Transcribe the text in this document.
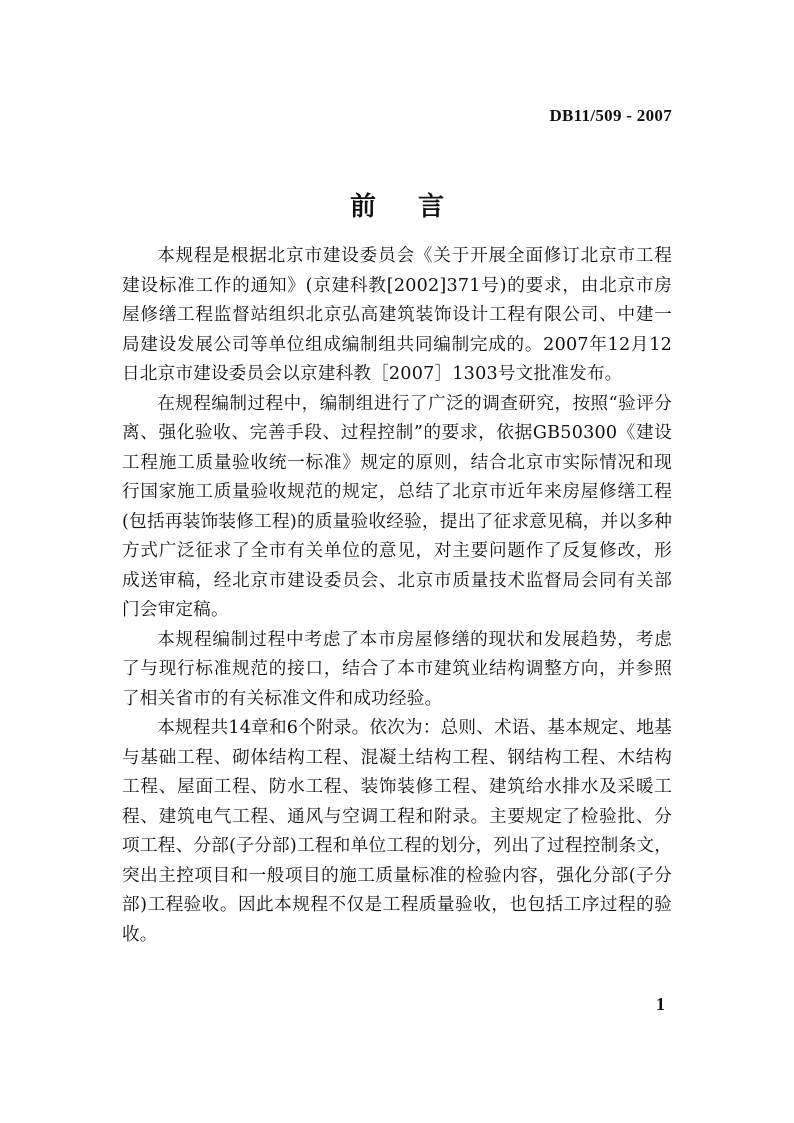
DB11/509 - 2007
前 言

本规程是根据北京市建设委员会《关于开展全面修订北京市工程建设标准工作的通知》(京建科教[2002]371号)的要求，由北京市房屋修缮工程监督站组织北京弘高建筑装饰设计工程有限公司、中建一局建设发展公司等单位组成编制组共同编制完成的。2007年12月12日北京市建设委员会以京建科教［2007］1303号文批准发布。

在规程编制过程中，编制组进行了广泛的调查研究，按照“验评分离、强化验收、完善手段、过程控制”的要求，依据GB50300《建设工程施工质量验收统一标准》规定的原则，结合北京市实际情况和现行国家施工质量验收规范的规定，总结了北京市近年来房屋修缮工程(包括再装饰装修工程)的质量验收经验，提出了征求意见稿，并以多种方式广泛征求了全市有关单位的意见，对主要问题作了反复修改，形成送审稿，经北京市建设委员会、北京市质量技术监督局会同有关部门会审定稿。

本规程编制过程中考虑了本市房屋修缮的现状和发展趋势，考虑了与现行标准规范的接口，结合了本市建筑业结构调整方向，并参照了相关省市的有关标准文件和成功经验。

本规程共14章和6个附录。依次为：总则、术语、基本规定、地基与基础工程、砌体结构工程、混凝土结构工程、钢结构工程、木结构工程、屋面工程、防水工程、装饰装修工程、建筑给水排水及采暖工程、建筑电气工程、通风与空调工程和附录。主要规定了检验批、分项工程、分部(子分部)工程和单位工程的划分，列出了过程控制条文，突出主控项目和一般项目的施工质量标准的检验内容，强化分部(子分部)工程验收。因此本规程不仅是工程质量验收，也包括工序过程的验收。

1
